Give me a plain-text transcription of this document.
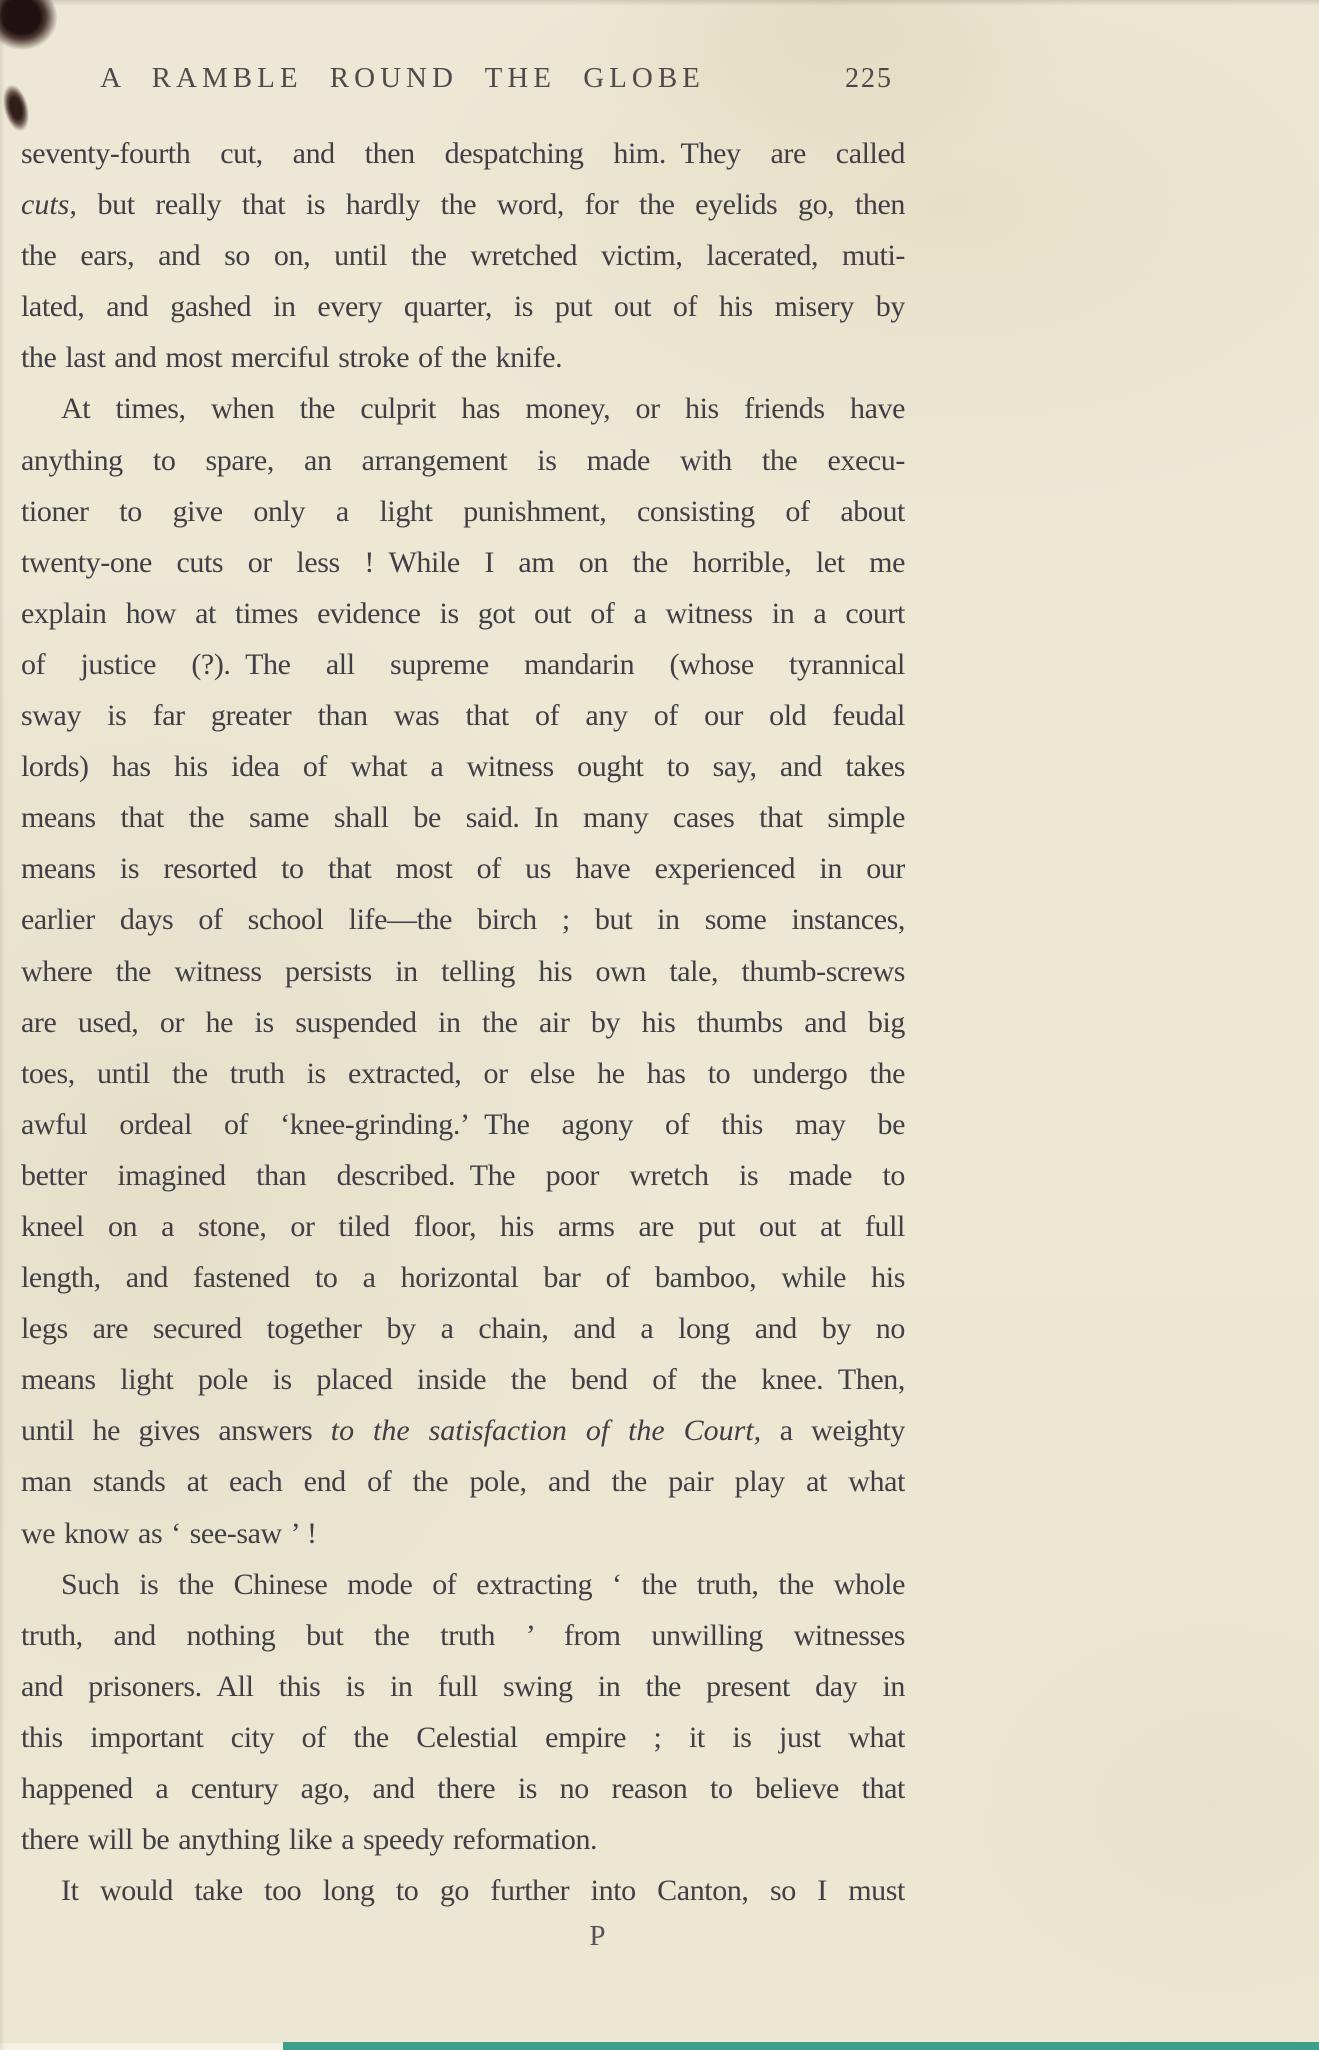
A RAMBLE ROUND THE GLOBE	225
seventy-fourth cut, and then despatching him. They are called
cuts, but really that is hardly the word, for the eyelids go, then
the ears, and so on, until the wretched victim, lacerated, muti-
lated, and gashed in every quarter, is put out of his misery by
the last and most merciful stroke of the knife.
At times, when the culprit has money, or his friends have
anything to spare, an arrangement is made with the execu-
tioner to give only a light punishment, consisting of about
twenty-one cuts or less ! While I am on the horrible, let me
explain how at times evidence is got out of a witness in a court
of justice (?). The all supreme mandarin (whose tyrannical
sway is far greater than was that of any of our old feudal
lords) has his idea of what a witness ought to say, and takes
means that the same shall be said. In many cases that simple
means is resorted to that most of us have experienced in our
earlier days of school life—the birch ; but in some instances,
where the witness persists in telling his own tale, thumb-screws
are used, or he is suspended in the air by his thumbs and big
toes, until the truth is extracted, or else he has to undergo the
awful ordeal of ‘knee-grinding.’ The agony of this may be
better imagined than described. The poor wretch is made to
kneel on a stone, or tiled floor, his arms are put out at full
length, and fastened to a horizontal bar of bamboo, while his
legs are secured together by a chain, and a long and by no
means light pole is placed inside the bend of the knee. Then,
until he gives answers to the satisfaction of the Court, a weighty
man stands at each end of the pole, and the pair play at what
we know as ‘ see-saw ’ !
Such is the Chinese mode of extracting ‘ the truth, the whole
truth, and nothing but the truth ’ from unwilling witnesses
and prisoners. All this is in full swing in the present day in
this important city of the Celestial empire ; it is just what
happened a century ago, and there is no reason to believe that
there will be anything like a speedy reformation.
It would take too long to go further into Canton, so I must
P
